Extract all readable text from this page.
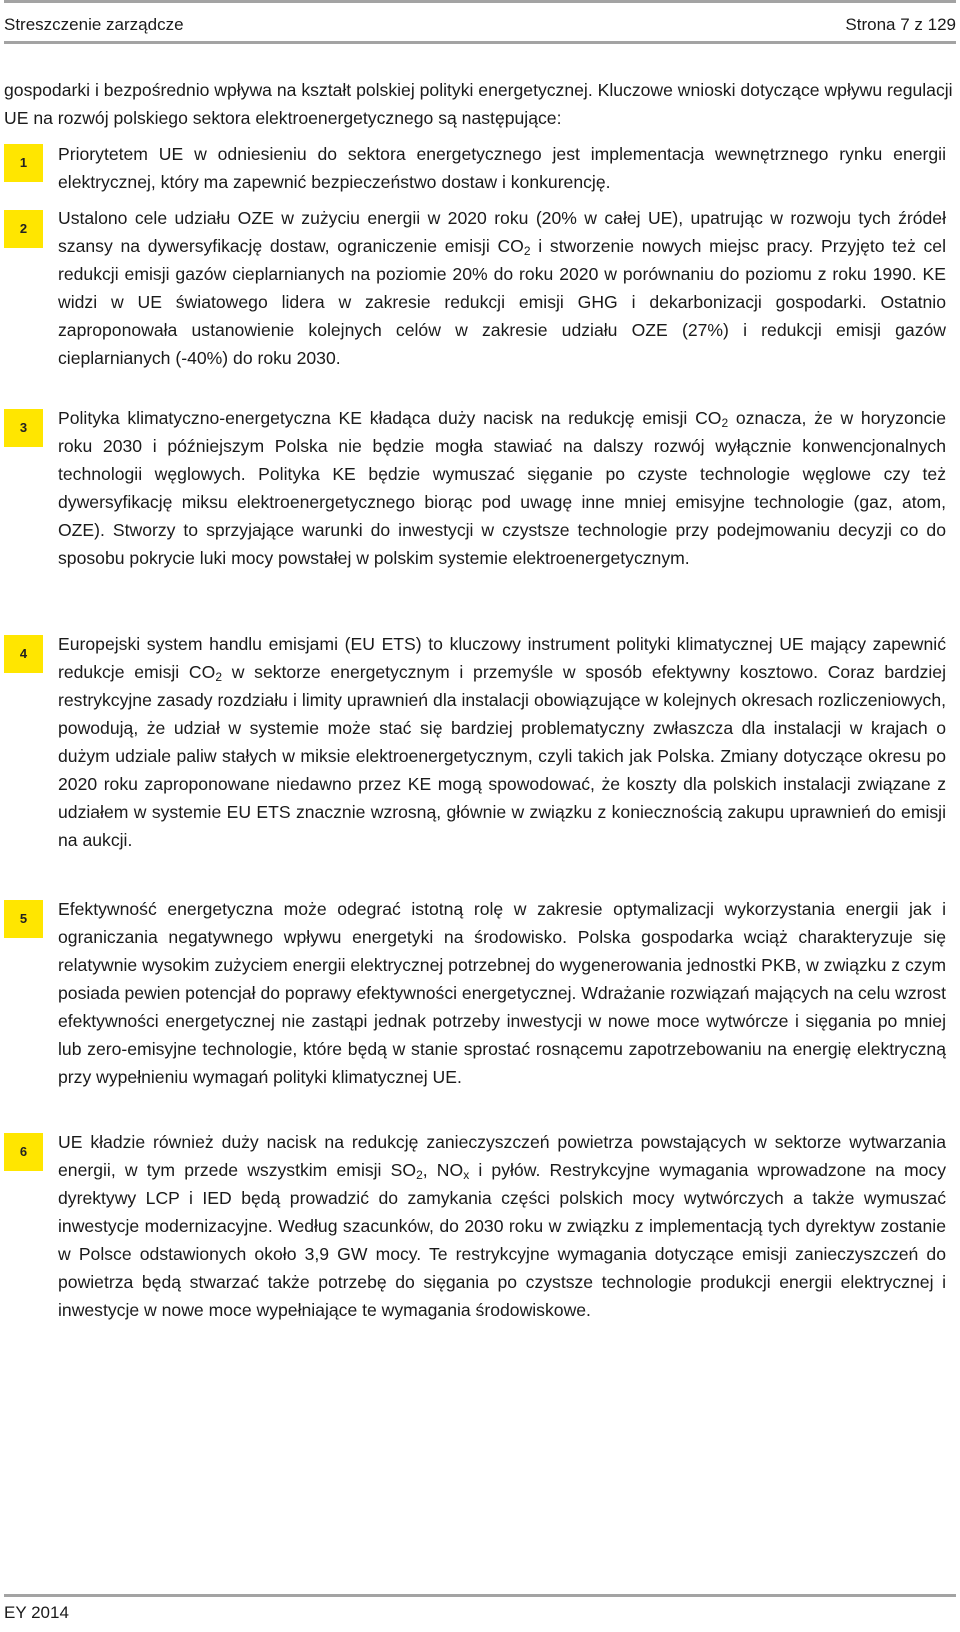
Streszczenie zarządcze	Strona 7 z 129

gospodarki i bezpośrednio wpływa na kształt polskiej polityki energetycznej. Kluczowe wnioski dotyczące wpływu regulacji UE na rozwój polskiego sektora elektroenergetycznego są następujące:

1	Priorytetem UE w odniesieniu do sektora energetycznego jest implementacja wewnętrznego rynku energii elektrycznej, który ma zapewnić bezpieczeństwo dostaw i konkurencję.

2

Ustalono cele udziału OZE w zużyciu energii w 2020 roku (20% w całej UE), upatrując w rozwoju tych źródeł szansy na dywersyfikację dostaw, ograniczenie emisji $CO_2$ i stworzenie nowych miejsc pracy. Przyjęto też cel redukcji emisji gazów cieplarnianych na poziomie 20% do roku 2020 w porównaniu do poziomu z roku 1990. KE widzi w UE światowego lidera w zakresie redukcji emisji GHG i dekarbonizacji gospodarki. Ostatnio zaproponowała ustanowienie kolejnych celów w zakresie udziału OZE (27%) i redukcji emisji gazów cieplarnianych (-40%) do roku 2030.

3	Polityka klimatyczno-energetyczna KE kładąca duży nacisk na redukcję emisji $CO_2$ oznacza, że w horyzoncie roku 2030 i późniejszym Polska nie będzie mogła stawiać na dalszy rozwój wyłącznie konwencjonalnych technologii węglowych. Polityka KE będzie wymuszać sięganie po czyste technologie węglowe czy też dywersyfikację miksu elektroenergetycznego biorąc pod uwagę inne mniej emisyjne technologie (gaz, atom, OZE). Stworzy to sprzyjające warunki do inwestycji w czystsze technologie przy podejmowaniu decyzji co do sposobu pokrycie luki mocy powstałej w polskim systemie elektroenergetycznym.

4	Europejski system handlu emisjami (EU ETS) to kluczowy instrument polityki klimatycznej UE mający zapewnić redukcje emisji $CO_2$ w sektorze energetycznym i przemyśle w sposób efektywny kosztowo. Coraz bardziej restrykcyjne zasady rozdziału i limity uprawnień dla instalacji obowiązujące w kolejnych okresach rozliczeniowych, powodują, że udział w systemie może stać się bardziej problematyczny zwłaszcza dla instalacji w krajach o dużym udziale paliw stałych w miksie elektroenergetycznym, czyli takich jak Polska. Zmiany dotyczące okresu po 2020 roku zaproponowane niedawno przez KE mogą spowodować, że koszty dla polskich instalacji związane z udziałem w systemie EU ETS znacznie wzrosną, głównie w związku z koniecznością zakupu uprawnień do emisji na aukcji.

5	Efektywność energetyczna może odegrać istotną rolę w zakresie optymalizacji wykorzystania energii jak i ograniczania negatywnego wpływu energetyki na środowisko. Polska gospodarka wciąż charakteryzuje się relatywnie wysokim zużyciem energii elektrycznej potrzebnej do wygenerowania jednostki PKB, w związku z czym posiada pewien potencjał do poprawy efektywności energetycznej. Wdrażanie rozwiązań mających na celu wzrost efektywności energetycznej nie zastąpi jednak potrzeby inwestycji w nowe moce wytwórcze i sięgania po mniej lub zero-emisyjne technologie, które będą w stanie sprostać rosnącemu zapotrzebowaniu na energię elektryczną przy wypełnieniu wymagań polityki klimatycznej UE.

6	UE kładzie również duży nacisk na redukcję zanieczyszczeń powietrza powstających w sektorze wytwarzania energii, w tym przede wszystkim emisji $SO_2$, $NO_x$ i pyłów. Restrykcyjne wymagania wprowadzone na mocy dyrektywy LCP i IED będą prowadzić do zamykania części polskich mocy wytwórczych a także wymuszać inwestycje modernizacyjne. Według szacunków, do 2030 roku w związku z implementacją tych dyrektyw zostanie w Polsce odstawionych około 3,9 GW mocy. Te restrykcyjne wymagania dotyczące emisji zanieczyszczeń do powietrza będą stwarzać także potrzebę do sięgania po czystsze technologie produkcji energii elektrycznej i inwestycje w nowe moce wypełniające te wymagania środowiskowe.

EY 2014
